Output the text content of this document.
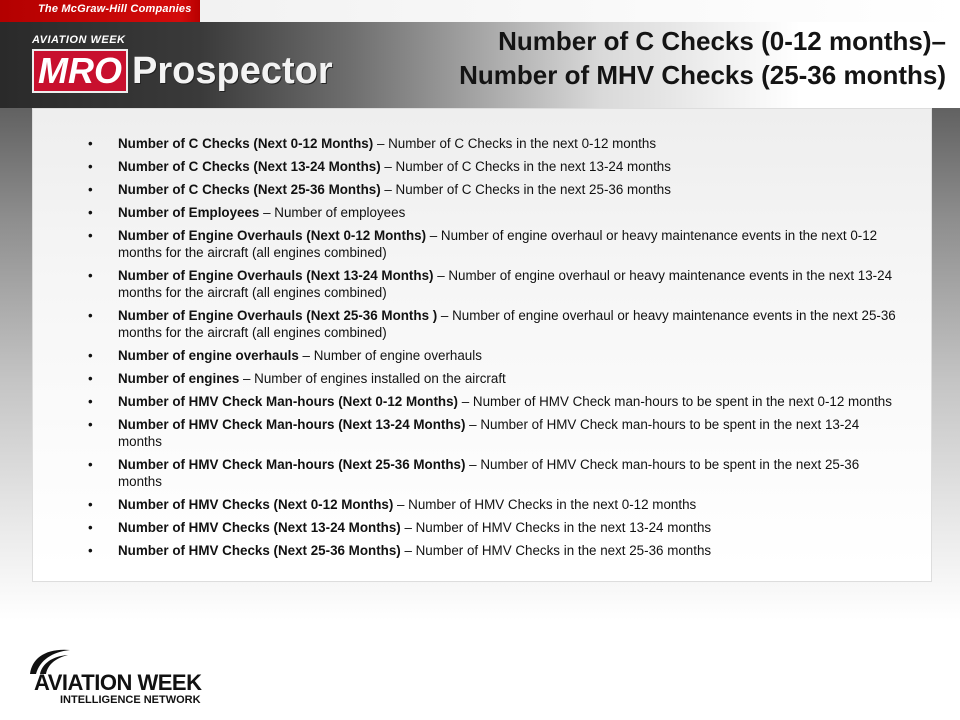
The McGraw-Hill Companies
AVIATION WEEK
MRO Prospector
Number of C Checks (0-12 months)–
Number of MHV Checks (25-36 months)
• Number of C Checks (Next 0-12 Months) – Number of C Checks in the next 0-12 months
• Number of C Checks (Next 13-24 Months) – Number of C Checks in the next 13-24 months
• Number of C Checks (Next 25-36 Months) – Number of C Checks in the next 25-36 months
• Number of Employees – Number of employees
• Number of Engine Overhauls (Next 0-12 Months) – Number of engine overhaul or heavy maintenance events in the next 0-12 months for the aircraft (all engines combined)
• Number of Engine Overhauls (Next 13-24 Months) – Number of engine overhaul or heavy maintenance events in the next 13-24 months for the aircraft (all engines combined)
• Number of Engine Overhauls (Next 25-36 Months ) – Number of engine overhaul or heavy maintenance events in the next 25-36 months for the aircraft (all engines combined)
• Number of engine overhauls – Number of engine overhauls
• Number of engines – Number of engines installed on the aircraft
• Number of HMV Check Man-hours (Next 0-12 Months) – Number of HMV Check man-hours to be spent in the next 0-12 months
• Number of HMV Check Man-hours (Next 13-24 Months) – Number of HMV Check man-hours to be spent in the next 13-24 months
• Number of HMV Check Man-hours (Next 25-36 Months) – Number of HMV Check man-hours to be spent in the next 25-36 months
• Number of HMV Checks (Next 0-12 Months) – Number of HMV Checks in the next 0-12 months
• Number of HMV Checks (Next 13-24 Months) – Number of HMV Checks in the next 13-24 months
• Number of HMV Checks (Next 25-36 Months) – Number of HMV Checks in the next 25-36 months
AVIATION WEEK
INTELLIGENCE NETWORK
